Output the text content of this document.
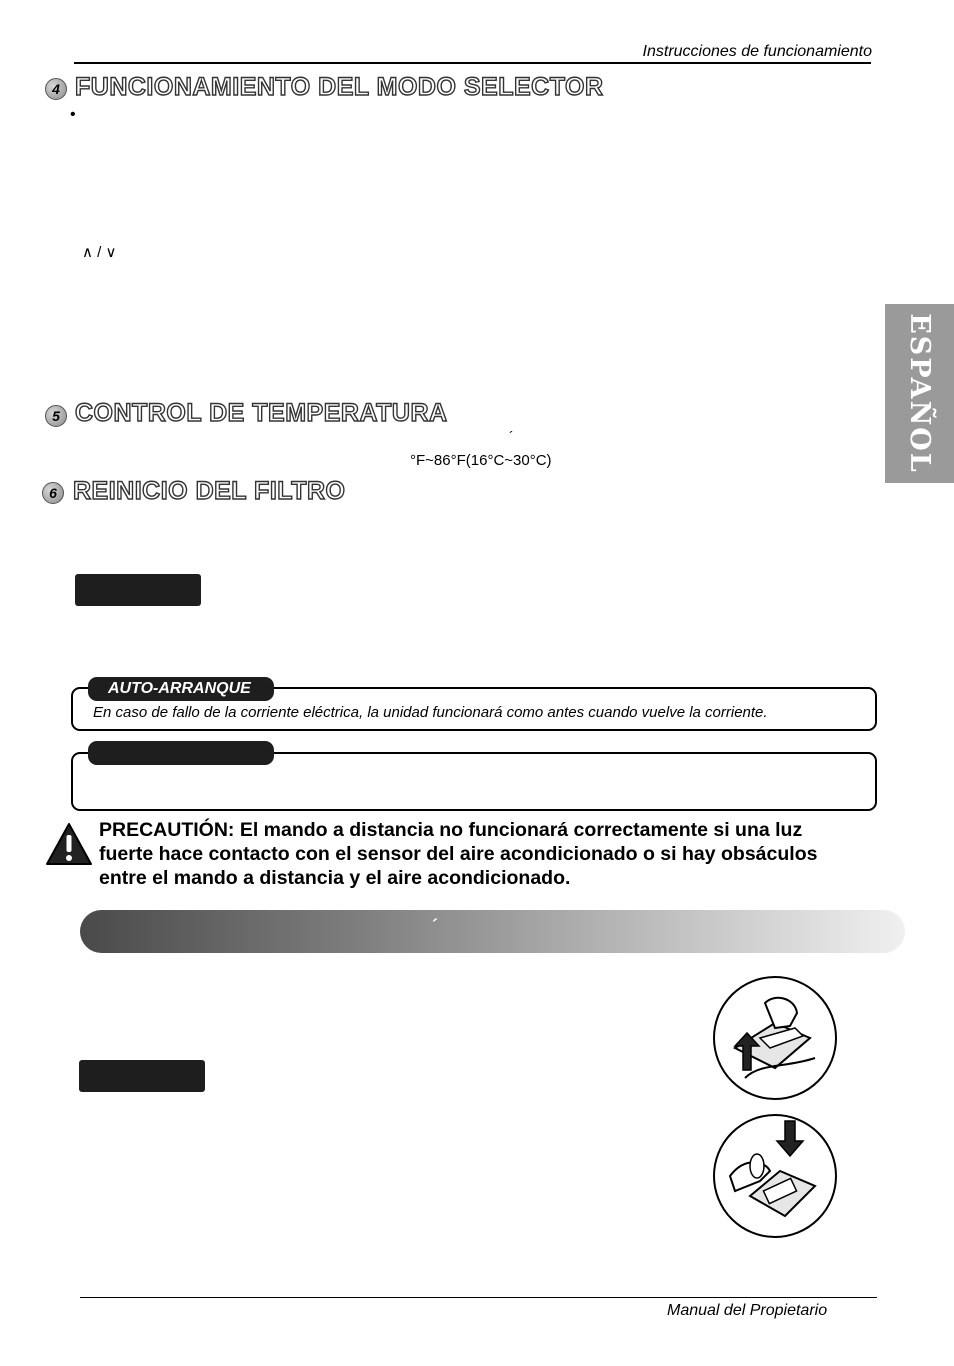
Instrucciones de funcionamiento
ESPAÑOL
4 FUNCIONAMIENTO DEL MODO SELECTOR
•
∧ / ∨
5 CONTROL DE TEMPERATURA
´
°F~86°F(16°C~30°C)
6 REINICIO DEL FILTRO
En caso de fallo de la corriente eléctrica, la unidad funcionará como antes cuando vuelve la corriente.
AUTO-ARRANQUE
PRECAUTIÓN: El mando a distancia no funcionará correctamente si una luz fuerte hace contacto con el sensor del aire acondicionado o si hay obsáculos entre el mando a distancia y el aire acondicionado.
´
Manual del Propietario
